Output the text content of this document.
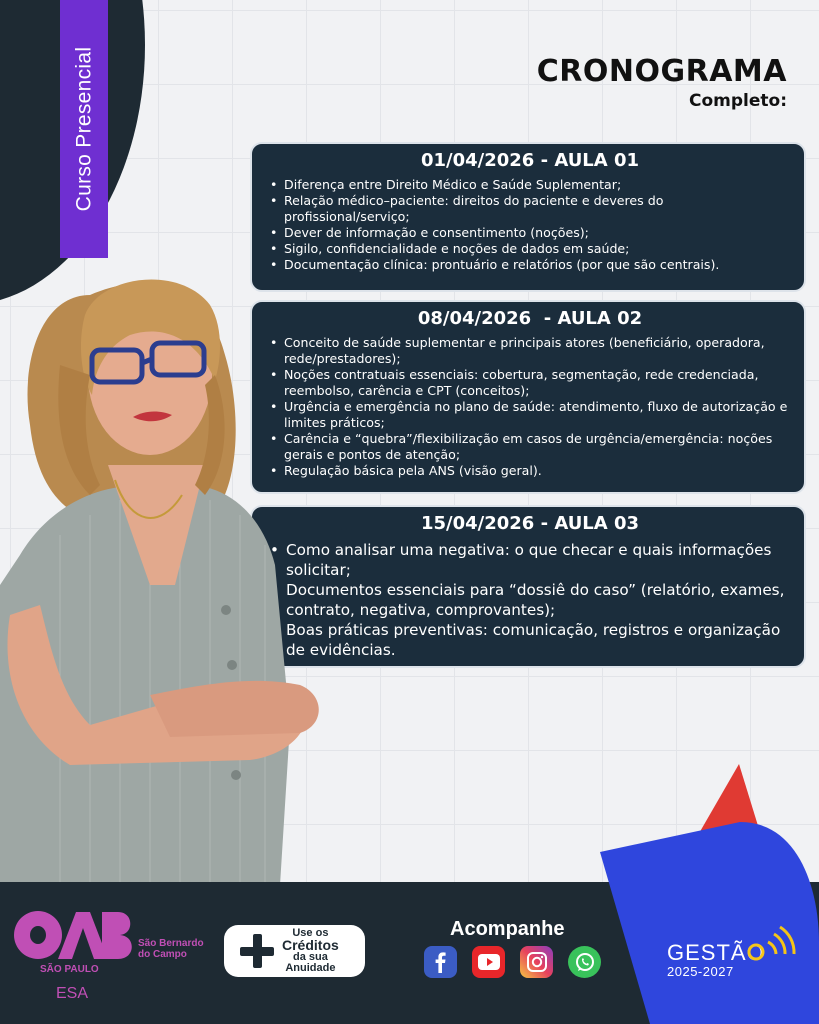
Curso Presencial	CRONOGRAMA
Completo:
01/04/2026 - AULA 01
• Diferença entre Direito Médico e Saúde Suplementar;
• Relação médico–paciente: direitos do paciente e deveres do profissional/serviço;
• Dever de informação e consentimento (noções);
• Sigilo, confidencialidade e noções de dados em saúde;
• Documentação clínica: prontuário e relatórios (por que são centrais).
08/04/2026  - AULA 02
• Conceito de saúde suplementar e principais atores (beneficiário, operadora, rede/prestadores);
• Noções contratuais essenciais: cobertura, segmentação, rede credenciada, reembolso, carência e CPT (conceitos);
• Urgência e emergência no plano de saúde: atendimento, fluxo de autorização e limites práticos;
• Carência e “quebra”/flexibilização em casos de urgência/emergência: noções gerais e pontos de atenção;
• Regulação básica pela ANS (visão geral).
15/04/2026 - AULA 03
• Como analisar uma negativa: o que checar e quais informações solicitar;
• Documentos essenciais para “dossiê do caso” (relatório, exames, contrato, negativa, comprovantes);
• Boas práticas preventivas: comunicação, registros e organização de evidências.
São Bernardo
do Campo
SÃO PAULO
ESA
Use os
Créditos
da sua
Anuidade
Acompanhe
GESTÃO
2025-2027
